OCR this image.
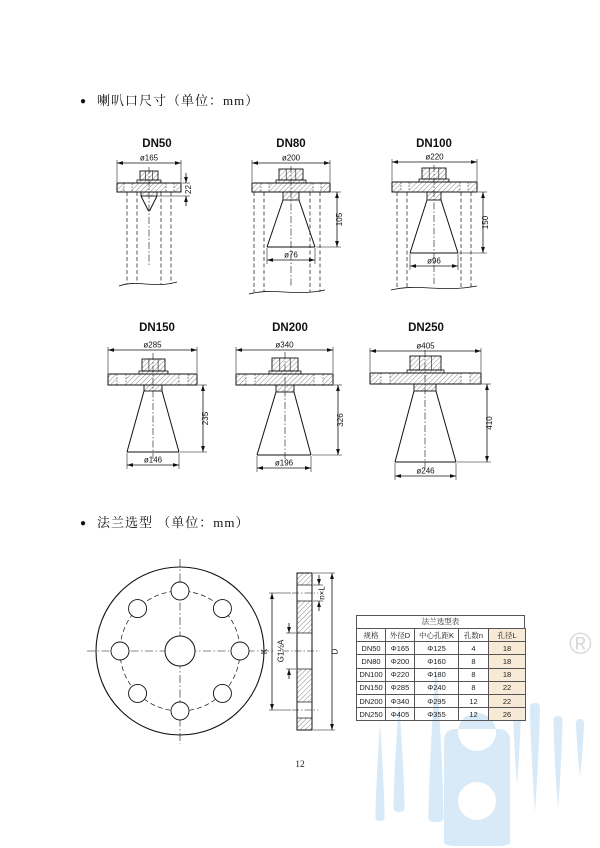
®
● 喇叭口尺寸（单位：mm）
● 法兰选型 （单位：mm）
DN50
ø165
22
DN80
ø200
105
ø76
DN100
ø220
150
ø96
DN150
ø285
235
ø146
DN200
ø340
326
ø196
DN250
ø405
410
ø246
K	D
n×L
G1½A
法兰选型表
规格	外径D	中心孔距K	孔数n	孔径L
DN50	Φ165	Φ125	4	18
DN80	Φ200	Φ160	8	18
DN100	Φ220	Φ180	8	18
DN150	Φ285	Φ240	8	22
DN200	Φ340	Φ295	12	22
DN250	Φ405	Φ355	12	26
12
